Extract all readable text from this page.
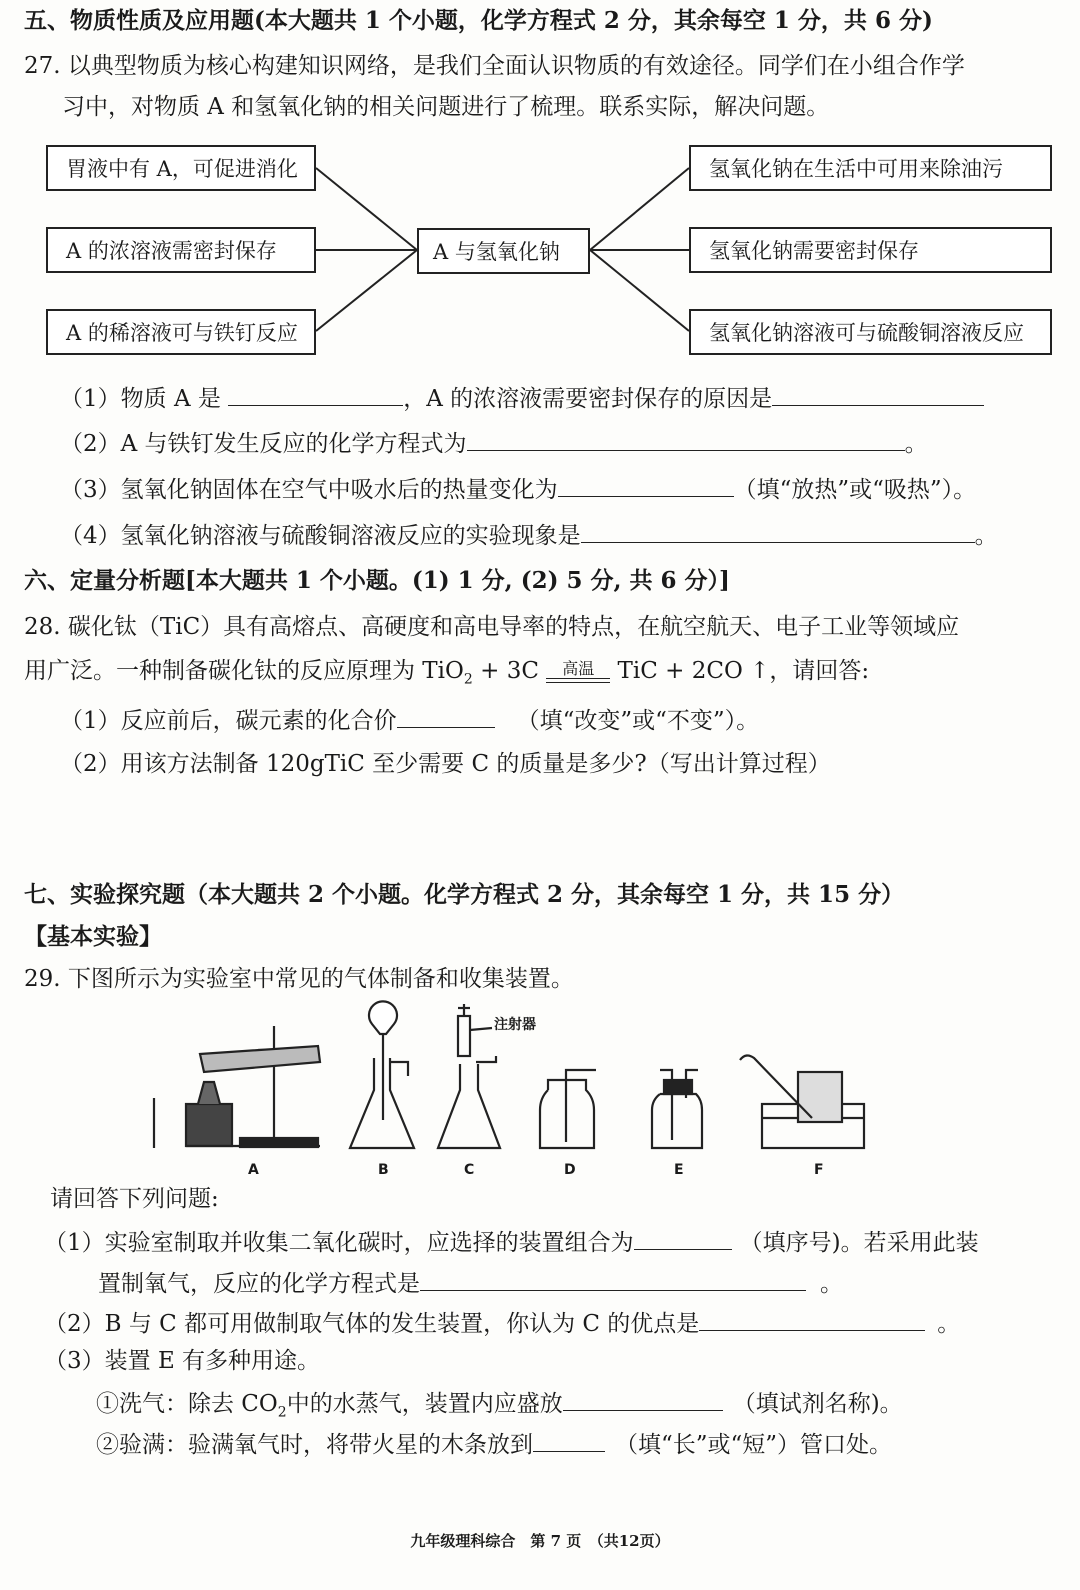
五、物质性质及应用题(本大题共 1 个小题，化学方程式 2 分，其余每空 1 分，共 6 分)
27. 以典型物质为核心构建知识网络，是我们全面认识物质的有效途径。同学们在小组合作学
习中，对物质 A 和氢氧化钠的相关问题进行了梳理。联系实际，解决问题。
胃液中有 A，可促进消化
A 的浓溶液需密封保存
A 的稀溶液可与铁钉反应
A 与氢氧化钠
氢氧化钠在生活中可用来除油污
氢氧化钠需要密封保存
氢氧化钠溶液可与硫酸铜溶液反应
（1）物质 A 是	，A 的浓溶液需要密封保存的原因是
（2）A 与铁钉发生反应的化学方程式为	。
（3）氢氧化钠固体在空气中吸水后的热量变化为	（填“放热”或“吸热”）。
（4）氢氧化钠溶液与硫酸铜溶液反应的实验现象是	。
六、定量分析题[本大题共 1 个小题。(1) 1 分, (2) 5 分, 共 6 分）]
28. 碳化钛（TiC）具有高熔点、高硬度和高电导率的特点，在航空航天、电子工业等领域应
用广泛。一种制备碳化钛的反应原理为 TiO$_2$ + 3C 高温 TiC + 2CO ↑，请回答:
（1）反应前后，碳元素的化合价	（填“改变”或“不变”）。
（2）用该方法制备 120gTiC 至少需要 C 的质量是多少?（写出计算过程）
七、实验探究题（本大题共 2 个小题。化学方程式 2 分，其余每空 1 分，共 15 分）
【基本实验】
29. 下图所示为实验室中常见的气体制备和收集装置。
注射器
A	B	C	D	E	F
请回答下列问题:
（1）实验室制取并收集二氧化碳时，应选择的装置组合为	（填序号)。若采用此装
置制氧气，反应的化学方程式是	。
（2）B 与 C 都可用做制取气体的发生装置，你认为 C 的优点是	。
（3）装置 E 有多种用途。
①洗气：除去 $CO_2$中的水蒸气，装置内应盛放	（填试剂名称)。
②验满：验满氧气时，将带火星的木条放到	（填“长”或“短”）管口处。
九年级理科综合　第 7 页　（共12页）
